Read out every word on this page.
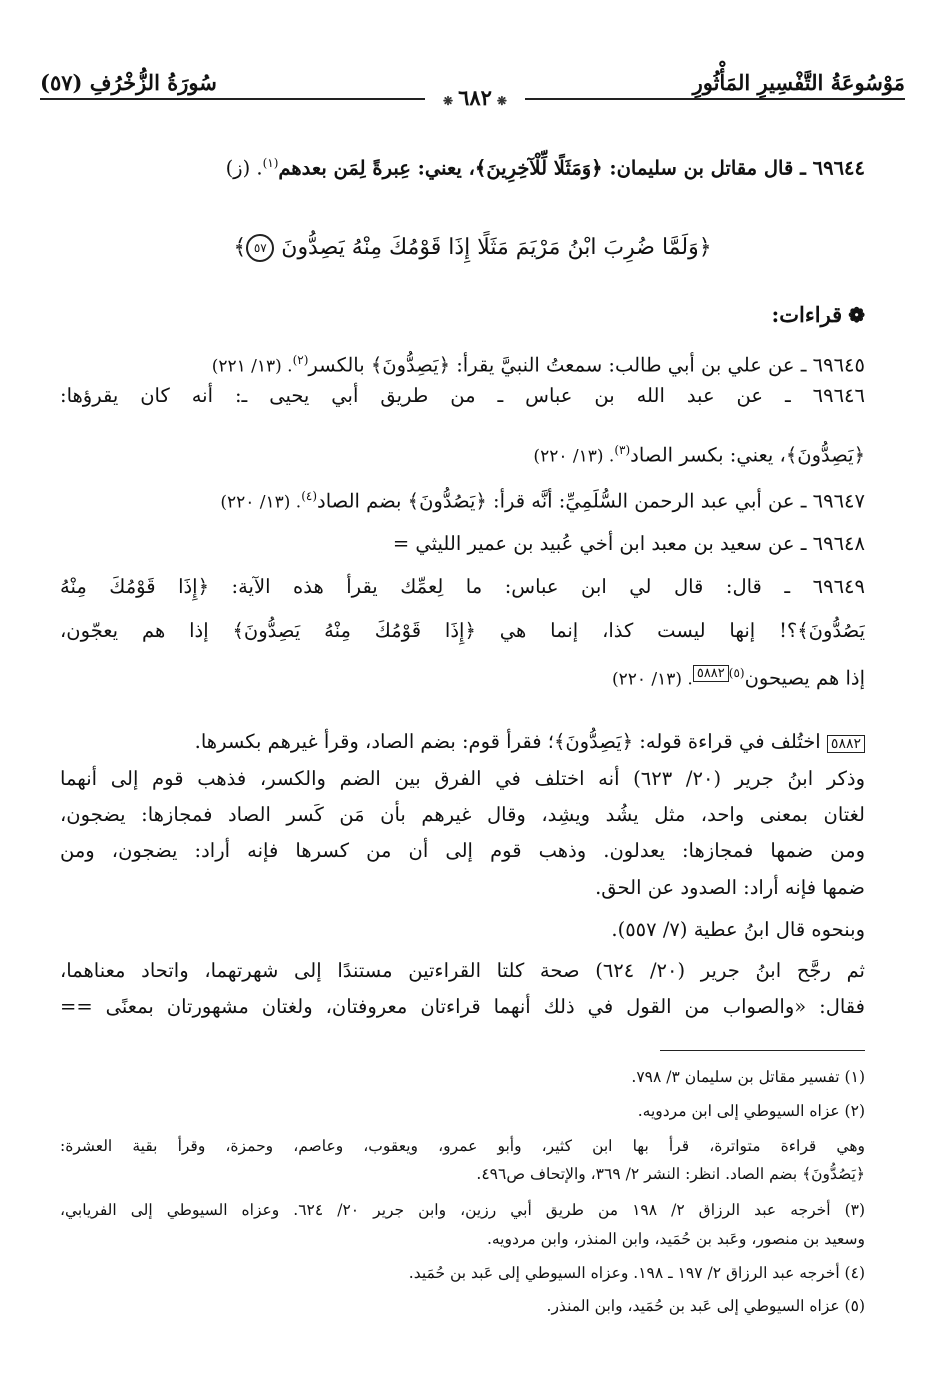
مَوْسُوعَةُ التَّفْسِيرِ المَأْثُورِ
سُورَةُ الزُّخْرُفِ (٥٧)
❋٦٨٢❋
٦٩٦٤٤ ـ قال مقاتل بن سليمان: ﴿وَمَثَلًا لِّلْآخِرِينَ﴾، يعني: عِبرةً لِمَن بعدهم$^{(١)}$. (ز)
﴿وَلَمَّا ضُرِبَ ابْنُ مَرْيَمَ مَثَلًا إِذَا قَوْمُكَ مِنْهُ يَصِدُّونَ ٥٧﴾
❁قراءات:
٦٩٦٤٥ ـ عن علي بن أبي طالب: سمعتُ النبيَّ يقرأ: ﴿يَصِدُّونَ﴾ بالكسر$^{(٢)}$. (١٣/ ٢٢١)
٦٩٦٤٦ ـ عن عبد الله بن عباس ـ من طريق أبي يحيى ـ: أنه كان يقرؤها:
﴿يَصِدُّونَ﴾، يعني: بكسر الصاد$^{(٣)}$. (١٣/ ٢٢٠)
٦٩٦٤٧ ـ عن أبي عبد الرحمن السُّلَمِيِّ: أنَّه قرأ: ﴿يَصُدُّونَ﴾ بضم الصاد$^{(٤)}$. (١٣/ ٢٢٠)
٦٩٦٤٨ ـ عن سعيد بن معبد ابن أخي عُبيد بن عمير الليثي =
٦٩٦٤٩ ـ قال: قال لي ابن عباس: ما لِعمِّك يقرأ هذه الآية: ﴿إِذَا قَوْمُكَ مِنْهُ
يَصُدُّونَ﴾؟! إنها ليست كذا، إنما هي ﴿إِذَا قَوْمُكَ مِنْهُ يَصِدُّونَ﴾ إذا هم يعجّون،
إذا هم يصيحون$^{(٥)٥٨٨٢}$. (١٣/ ٢٢٠)
٥٨٨٢ اختُلف في قراءة قوله: ﴿يَصِدُّونَ﴾؛ فقرأ قوم: بضم الصاد، وقرأ غيرهم بكسرها.
وذكر ابنُ جرير (٢٠/ ٦٢٣) أنه اختلف في الفرق بين الضم والكسر، فذهب قوم إلى أنهما
لغتان بمعنى واحد، مثل يشُد ويشِد، وقال غيرهم بأن مَن كَسر الصاد فمجازها: يضجون،
ومن ضمها فمجازها: يعدلون. وذهب قوم إلى أن من كسرها فإنه أراد: يضجون، ومن
ضمها فإنه أراد: الصدود عن الحق.
وبنحوه قال ابنُ عطية (٧/ ٥٥٧).
ثم رجَّح ابنُ جرير (٢٠/ ٦٢٤) صحة كلتا القراءتين مستندًا إلى شهرتهما، واتحاد معناهما،
فقال: «والصواب من القول في ذلك أنهما قراءتان معروفتان، ولغتان مشهورتان بمعنًى ==
(١) تفسير مقاتل بن سليمان ٣/ ٧٩٨.
(٢) عزاه السيوطي إلى ابن مردويه.
وهي قراءة متواترة، قرأ بها ابن كثير، وأبو عمرو، ويعقوب، وعاصم، وحمزة، وقرأ بقية العشرة:
﴿يَصُدُّونَ﴾ بضم الصاد. انظر: النشر ٢/ ٣٦٩، والإتحاف ص٤٩٦.
(٣) أخرجه عبد الرزاق ٢/ ١٩٨ من طريق أبي رزين، وابن جرير ٢٠/ ٦٢٤. وعزاه السيوطي إلى الفريابي،
وسعيد بن منصور، وعَبد بن حُمَيد، وابن المنذر، وابن مردويه.
(٤) أخرجه عبد الرزاق ٢/ ١٩٧ ـ ١٩٨. وعزاه السيوطي إلى عَبد بن حُمَيد.
(٥) عزاه السيوطي إلى عَبد بن حُمَيد، وابن المنذر.
